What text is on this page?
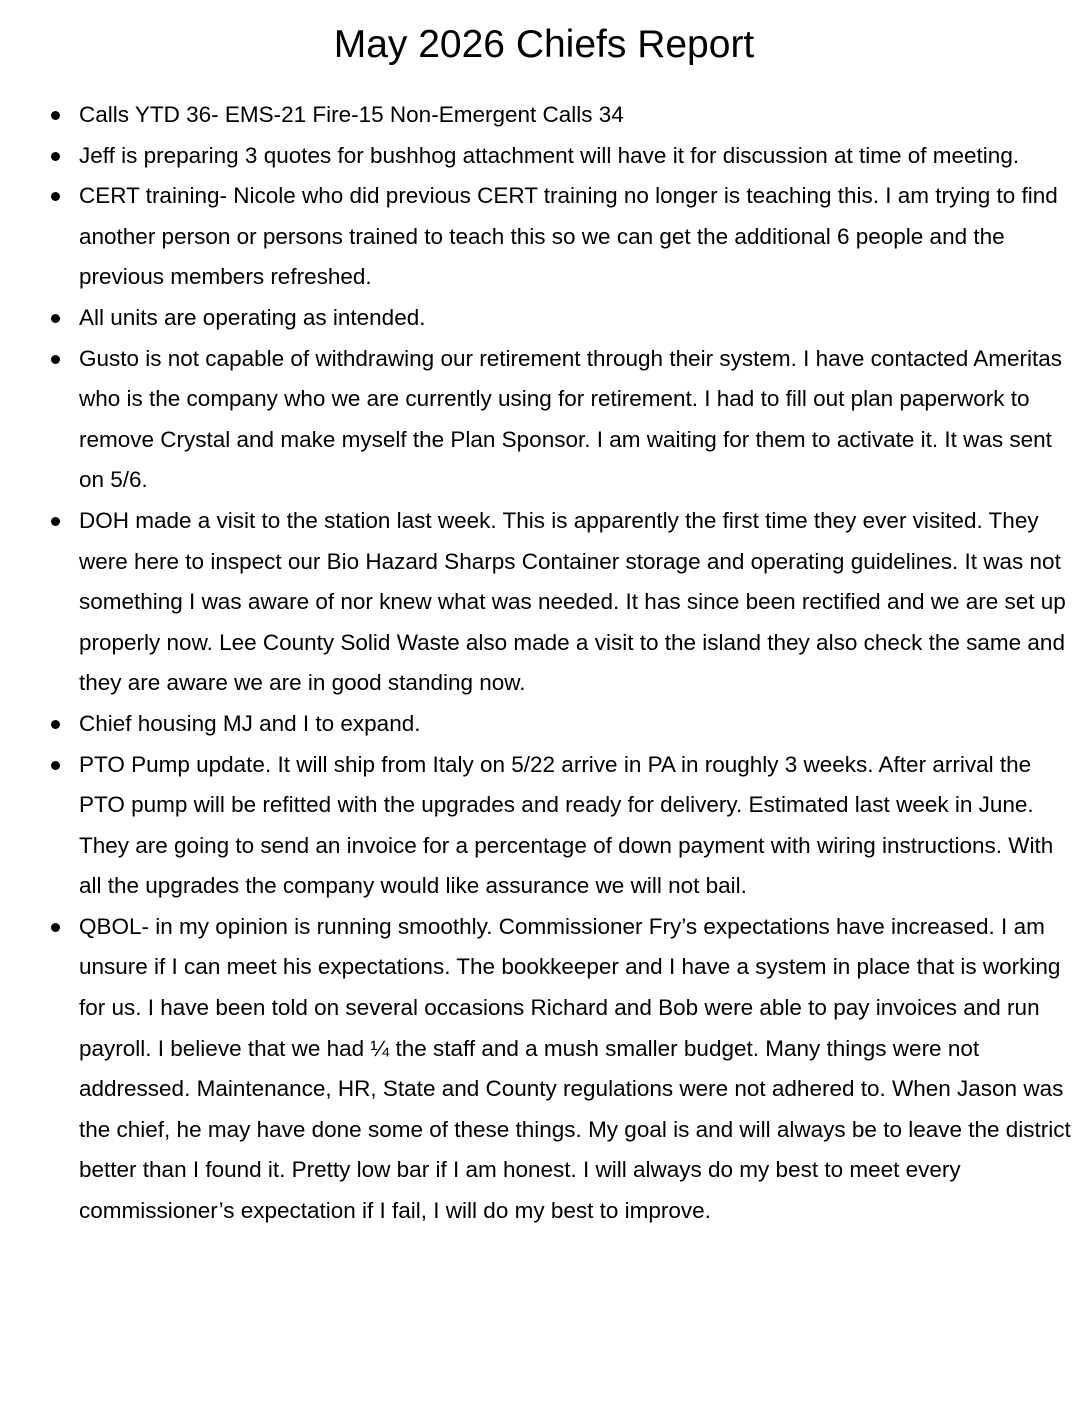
May 2026 Chiefs Report
Calls YTD 36- EMS-21 Fire-15 Non-Emergent Calls 34
Jeff is preparing 3 quotes for bushhog attachment will have it for discussion at time of meeting.
CERT training- Nicole who did previous CERT training no longer is teaching this. I am trying to find another person or persons trained to teach this so we can get the additional 6 people and the previous members refreshed.
All units are operating as intended.
Gusto is not capable of withdrawing our retirement through their system. I have contacted Ameritas who is the company who we are currently using for retirement. I had to fill out plan paperwork to remove Crystal and make myself the Plan Sponsor. I am waiting for them to activate it. It was sent on 5/6.
DOH made a visit to the station last week. This is apparently the first time they ever visited. They were here to inspect our Bio Hazard Sharps Container storage and operating guidelines. It was not something I was aware of nor knew what was needed. It has since been rectified and we are set up properly now. Lee County Solid Waste also made a visit to the island they also check the same and they are aware we are in good standing now.
Chief housing MJ and I to expand.
PTO Pump update. It will ship from Italy on 5/22 arrive in PA in roughly 3 weeks. After arrival the PTO pump will be refitted with the upgrades and ready for delivery. Estimated last week in June. They are going to send an invoice for a percentage of down payment with wiring instructions. With all the upgrades the company would like assurance we will not bail.
QBOL- in my opinion is running smoothly. Commissioner Fry’s expectations have increased. I am unsure if I can meet his expectations. The bookkeeper and I have a system in place that is working for us. I have been told on several occasions Richard and Bob were able to pay invoices and run payroll. I believe that we had ¼ the staff and a mush smaller budget. Many things were not addressed. Maintenance, HR, State and County regulations were not adhered to. When Jason was the chief, he may have done some of these things. My goal is and will always be to leave the district better than I found it. Pretty low bar if I am honest. I will always do my best to meet every commissioner’s expectation if I fail, I will do my best to improve.
